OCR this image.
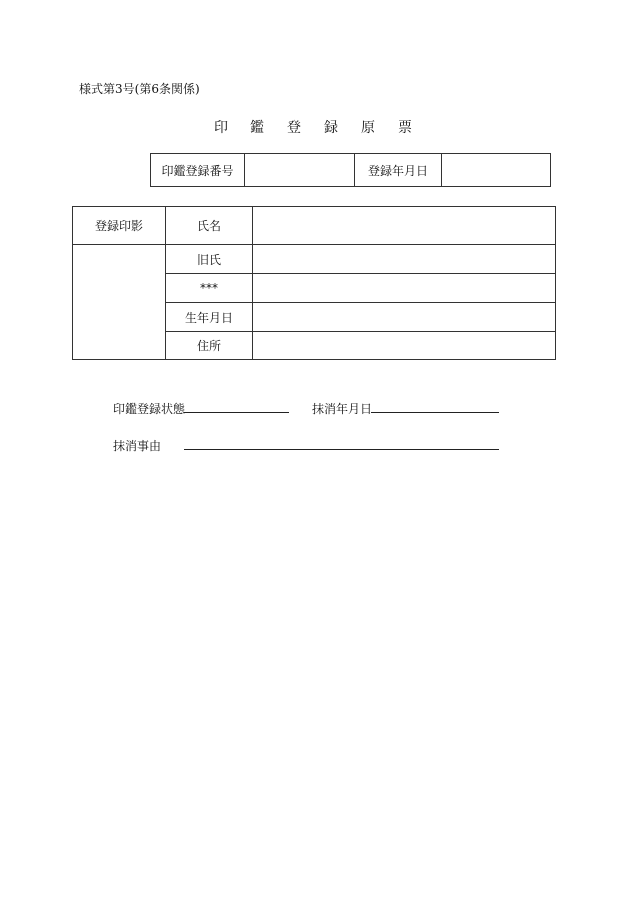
様式第3号(第6条関係)
印 鑑 登 録 原 票
印鑑登録番号	登録年月日
登録印影	氏名
旧氏
***
生年月日
住所
印鑑登録状態	抹消年月日
抹消事由
